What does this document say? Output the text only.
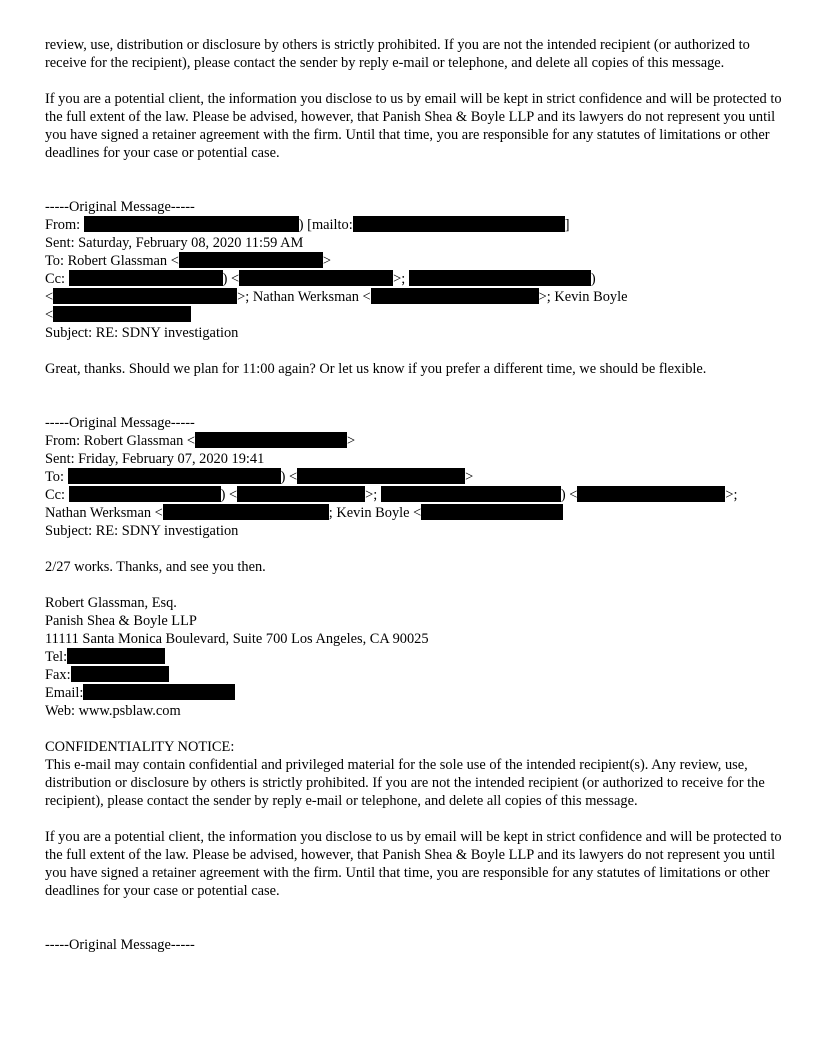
review, use, distribution or disclosure by others is strictly prohibited. If you are not the intended recipient (or authorized to receive for the recipient), please contact the sender by reply e-mail or telephone, and delete all copies of this message.

If you are a potential client, the information you disclose to us by email will be kept in strict confidence and will be protected to the full extent of the law. Please be advised, however, that Panish Shea & Boyle LLP and its lawyers do not represent you until you have signed a retainer agreement with the firm. Until that time, you are responsible for any statutes of limitations or other deadlines for your case or potential case.

-----Original Message-----

From:	) [mailto:	]

Sent: Saturday, February 08, 2020 11:59 AM

To: Robert Glassman <	>
Cc:	) <	>;	)
<	>; Nathan Werksman <	>; Kevin Boyle
<

Subject: RE: SDNY investigation

Great, thanks. Should we plan for 11:00 again? Or let us know if you prefer a different time, we should be flexible.

-----Original Message-----

From: Robert Glassman <	>

Sent: Friday, February 07, 2020 19:41

To:	) <	>
Cc:	) <	>;	) <	>;
Nathan Werksman <	; Kevin Boyle <

Subject: RE: SDNY investigation

2/27 works. Thanks, and see you then.

Robert Glassman, Esq.

Panish Shea & Boyle LLP

11111 Santa Monica Boulevard, Suite 700 Los Angeles, CA 90025

Tel:
Fax:
Email:

Web: www.psblaw.com

CONFIDENTIALITY NOTICE:

This e-mail may contain confidential and privileged material for the sole use of the intended recipient(s). Any review, use, distribution or disclosure by others is strictly prohibited. If you are not the intended recipient (or authorized to receive for the recipient), please contact the sender by reply e-mail or telephone, and delete all copies of this message.

If you are a potential client, the information you disclose to us by email will be kept in strict confidence and will be protected to the full extent of the law. Please be advised, however, that Panish Shea & Boyle LLP and its lawyers do not represent you until you have signed a retainer agreement with the firm. Until that time, you are responsible for any statutes of limitations or other deadlines for your case or potential case.

-----Original Message-----
